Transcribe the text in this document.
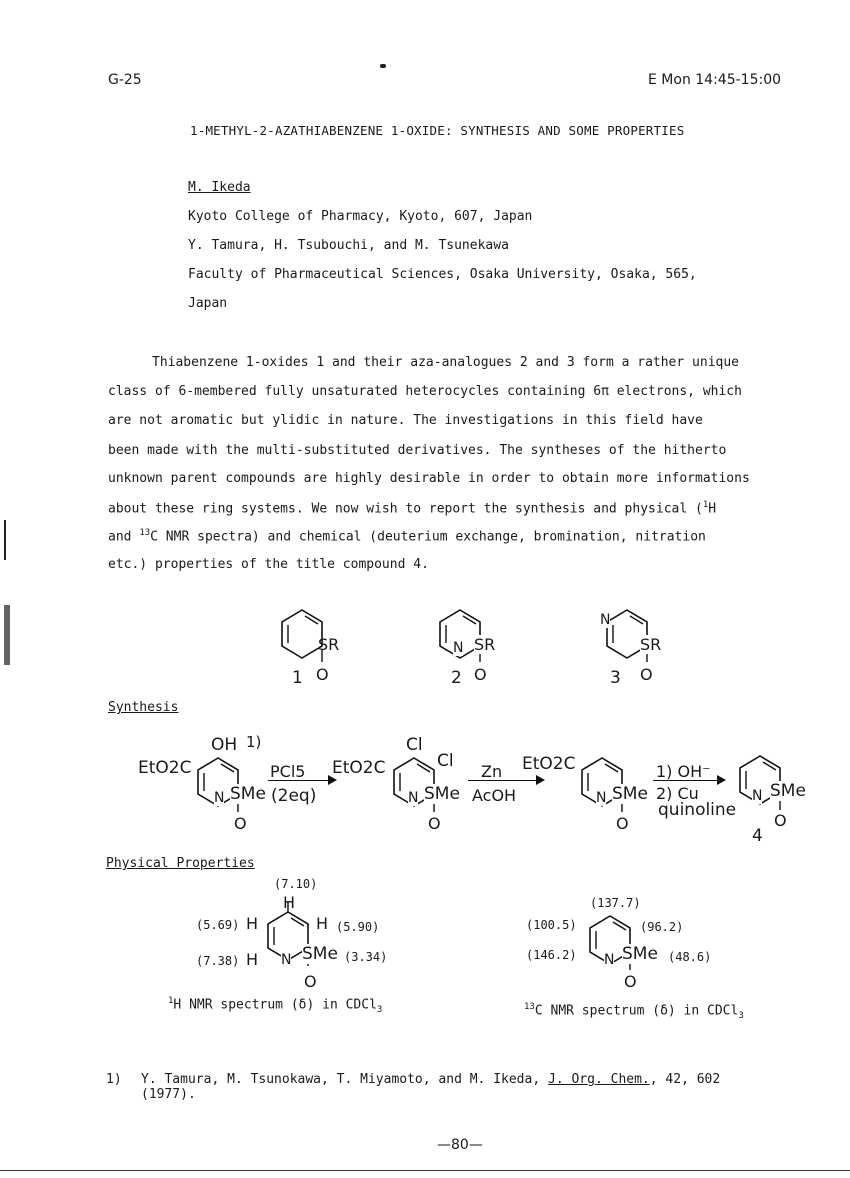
G-25	E Mon 14:45-15:00
1-METHYL-2-AZATHIABENZENE 1-OXIDE: SYNTHESIS AND SOME PROPERTIES
M. Ikeda
Kyoto College of Pharmacy, Kyoto, 607, Japan
Y. Tamura, H. Tsubouchi, and M. Tsunekawa
Faculty of Pharmaceutical Sciences, Osaka University, Osaka, 565,
Japan
Thiabenzene 1-oxides 1 and their aza-analogues 2 and 3 form a rather unique
class of 6-membered fully unsaturated heterocycles containing 6π electrons, which
are not aromatic but ylidic in nature. The investigations in this field have
been made with the multi-substituted derivatives. The syntheses of the hitherto
unknown parent compounds are highly desirable in order to obtain more informations
about these ring systems. We now wish to report the synthesis and physical ($^1$H
and $^{13}$C NMR spectra) and chemical (deuterium exchange, bromination, nitration
etc.) properties of the title compound 4.
SR
1 O
N SR
2 O
N
SR
3 O
Synthesis
EtO2C
OH 1)
N SMe
O
PCl5
(2eq)
EtO2C
Cl
Cl
N SMe
O
Zn
AcOH
EtO2C
N SMe
O
1) OH⁻
2) Cu
quinoline
N SMe
O
4
Physical Properties
(7.10)
H
(5.69) H	H (5.90)
(7.38) H N SMe (3.34)
O
$^1$H NMR spectrum (δ) in CDCl$_3$
(137.7)
(100.5)	(96.2)
(146.2) N SMe (48.6)
O
$^{13}$C NMR spectrum (δ) in CDCl$_3$
1) Y. Tamura, M. Tsunokawa, T. Miyamoto, and M. Ikeda, J. Org. Chem., 42, 602
(1977).
—80—
